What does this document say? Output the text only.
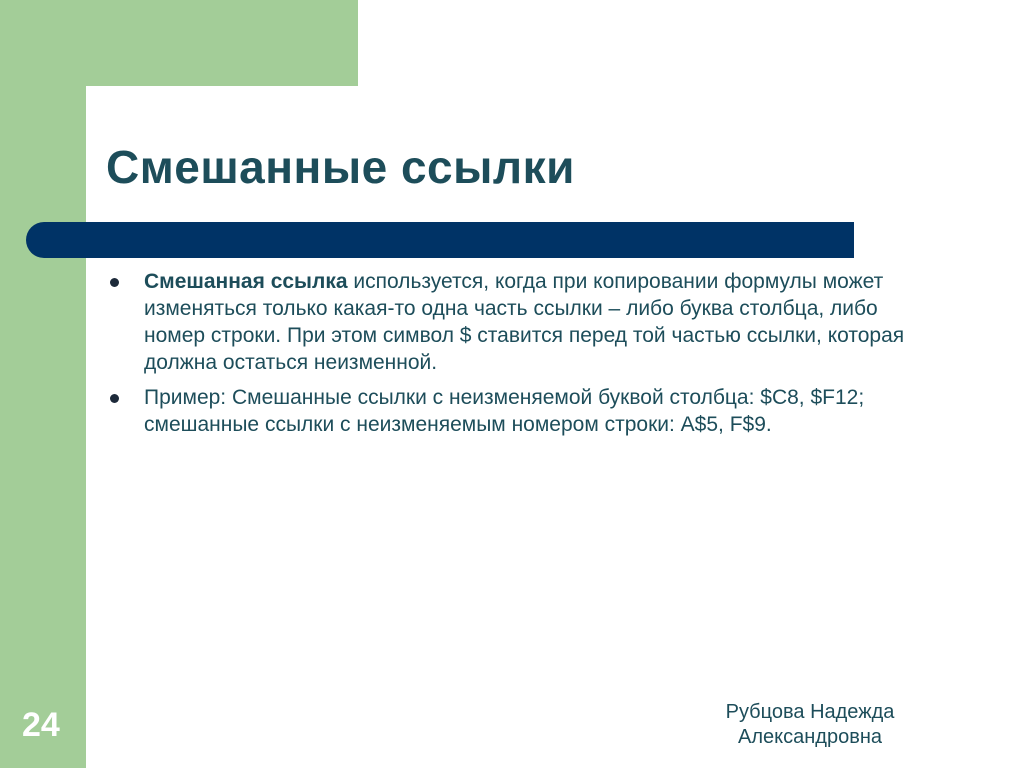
Смешанные ссылки
Смешанная ссылка используется, когда при копировании формулы может изменяться только какая-то одна часть ссылки – либо буква столбца, либо номер строки. При этом символ $ ставится перед той частью ссылки, которая должна остаться неизменной.
Пример: Смешанные ссылки с неизменяемой буквой столбца: $C8, $F12; смешанные ссылки с неизменяемым номером строки: A$5, F$9.
24	Рубцова Надежда
Александровна
